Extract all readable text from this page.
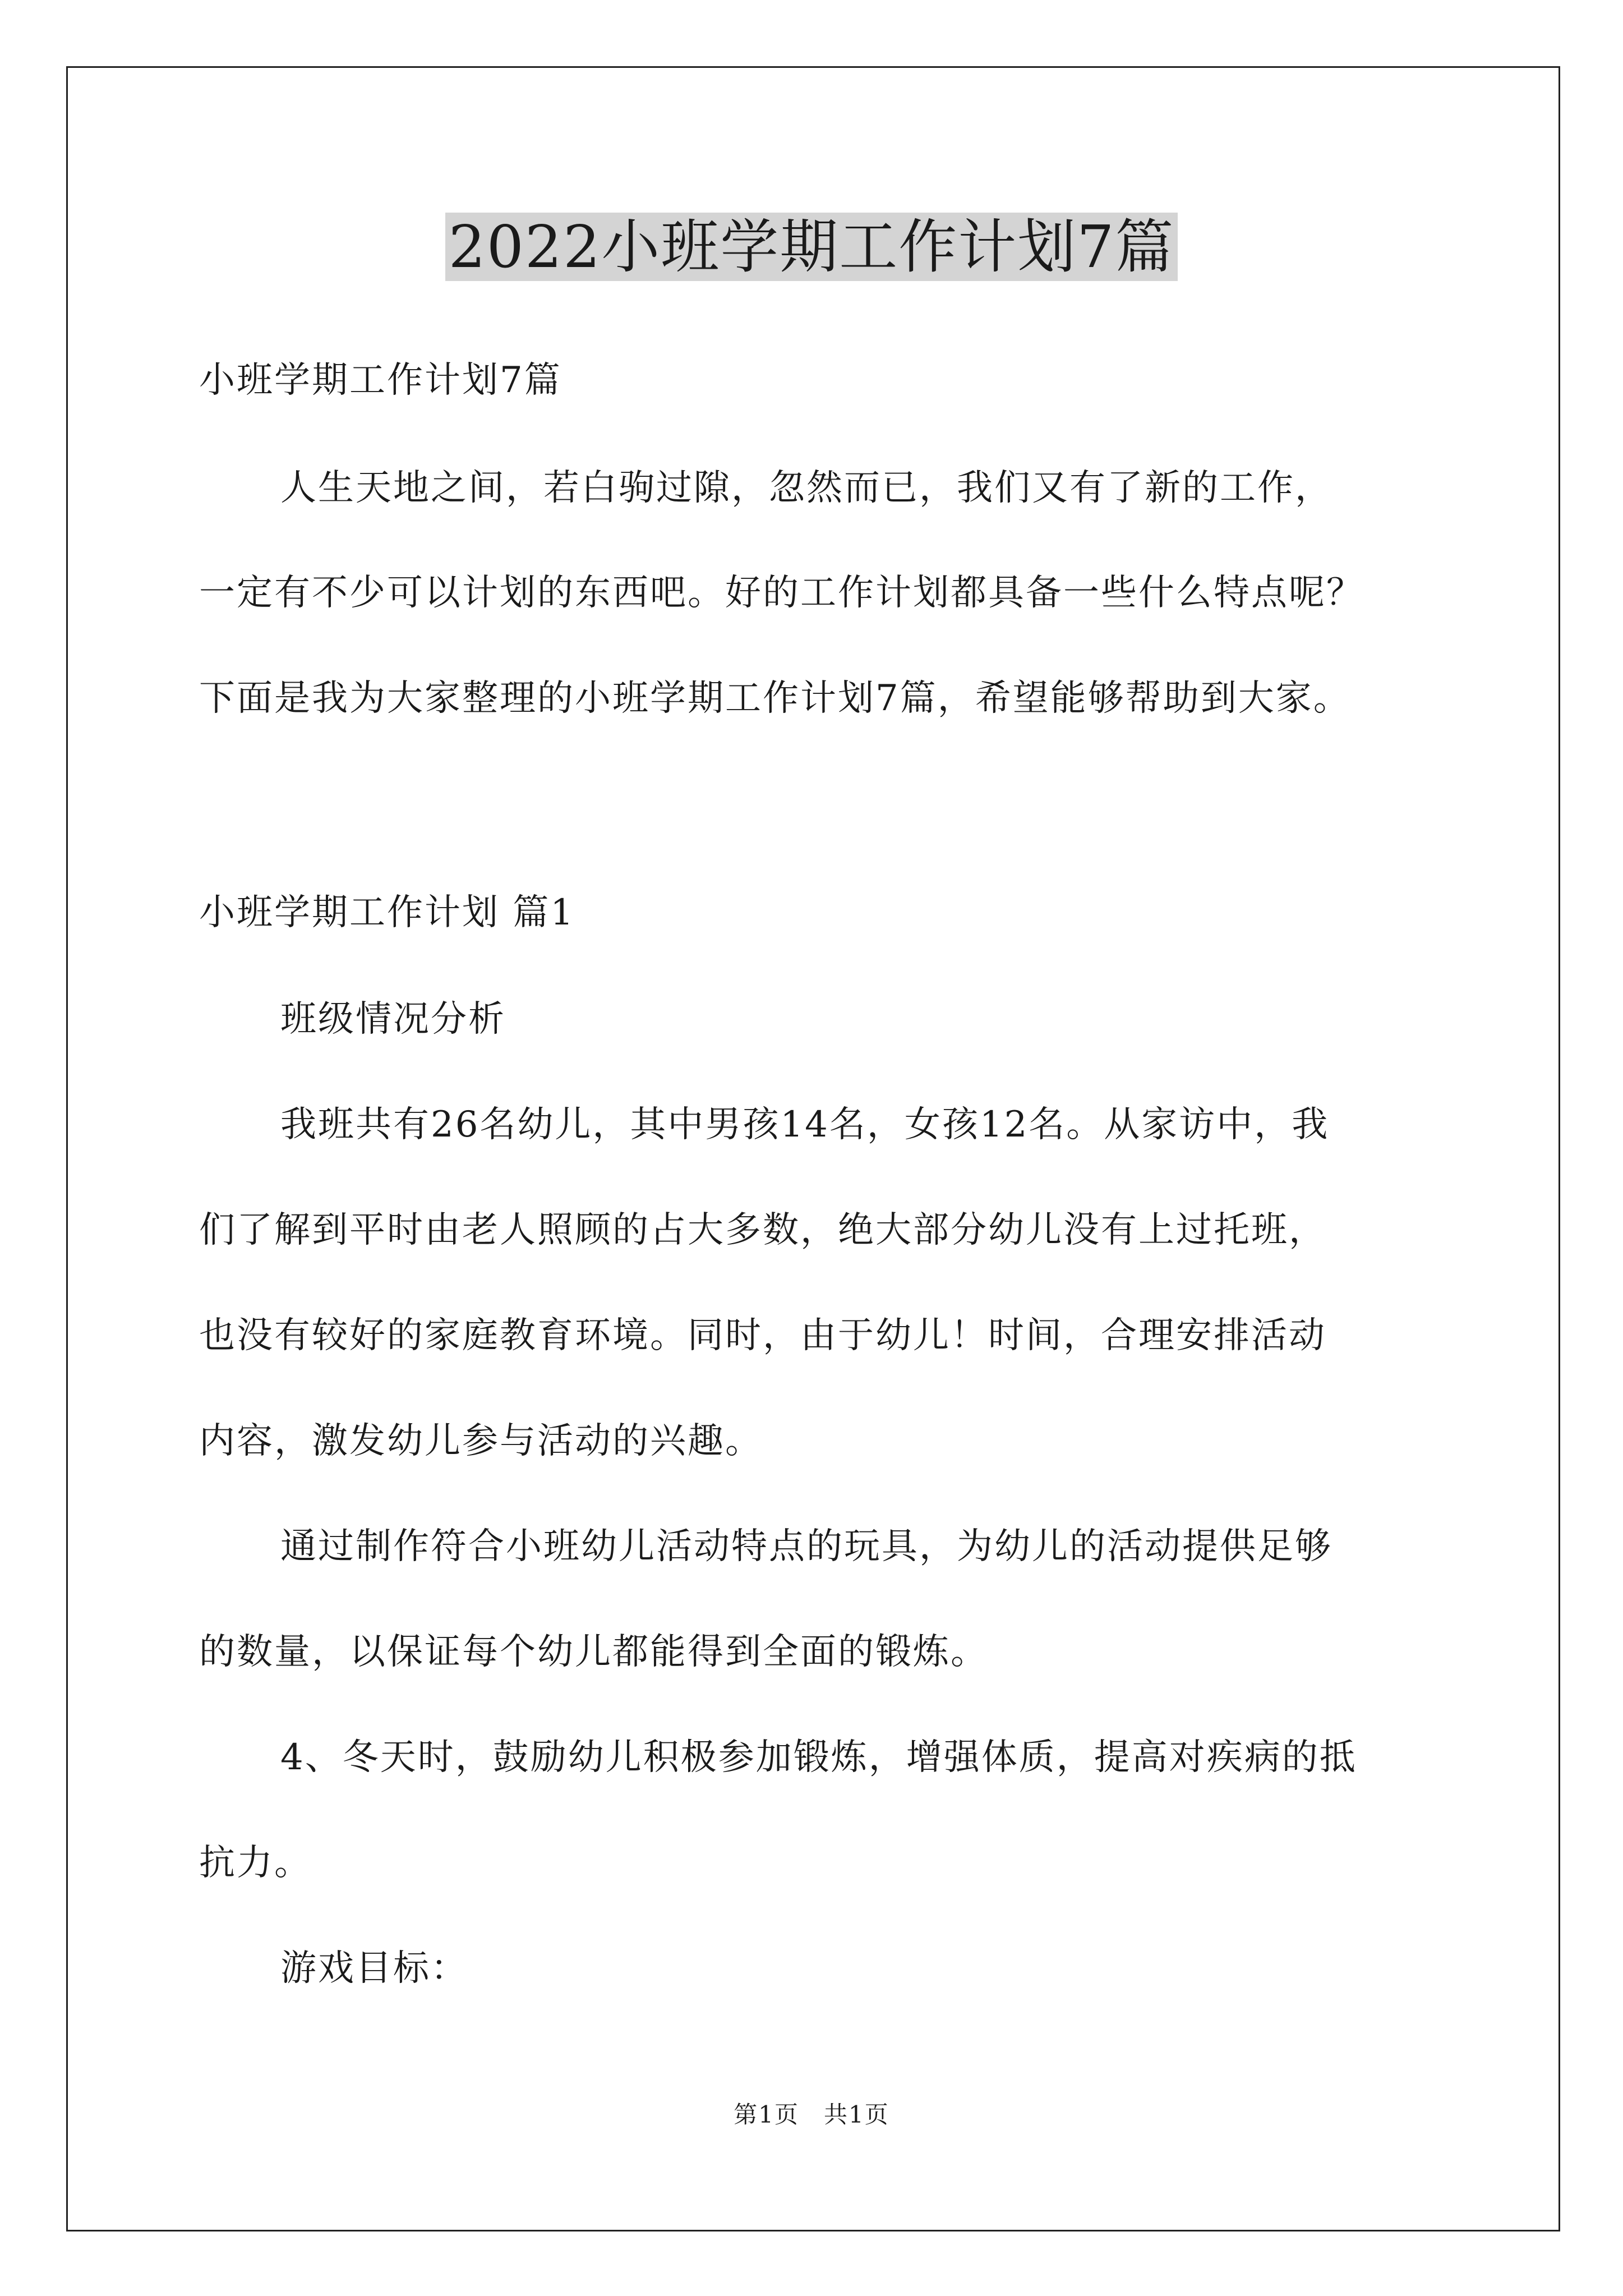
2022小班学期工作计划7篇
小班学期工作计划7篇
人生天地之间，若白驹过隙，忽然而已，我们又有了新的工作，
一定有不少可以计划的东西吧。好的工作计划都具备一些什么特点呢？
下面是我为大家整理的小班学期工作计划7篇，希望能够帮助到大家。
小班学期工作计划 篇1
班级情况分析
我班共有26名幼儿，其中男孩14名，女孩12名。从家访中，我
们了解到平时由老人照顾的占大多数，绝大部分幼儿没有上过托班，
也没有较好的家庭教育环境。同时，由于幼儿！时间，合理安排活动
内容，激发幼儿参与活动的兴趣。
通过制作符合小班幼儿活动特点的玩具，为幼儿的活动提供足够
的数量，以保证每个幼儿都能得到全面的锻炼。
4、冬天时，鼓励幼儿积极参加锻炼，增强体质，提高对疾病的抵
抗力。
游戏目标：
第1页　共1页
